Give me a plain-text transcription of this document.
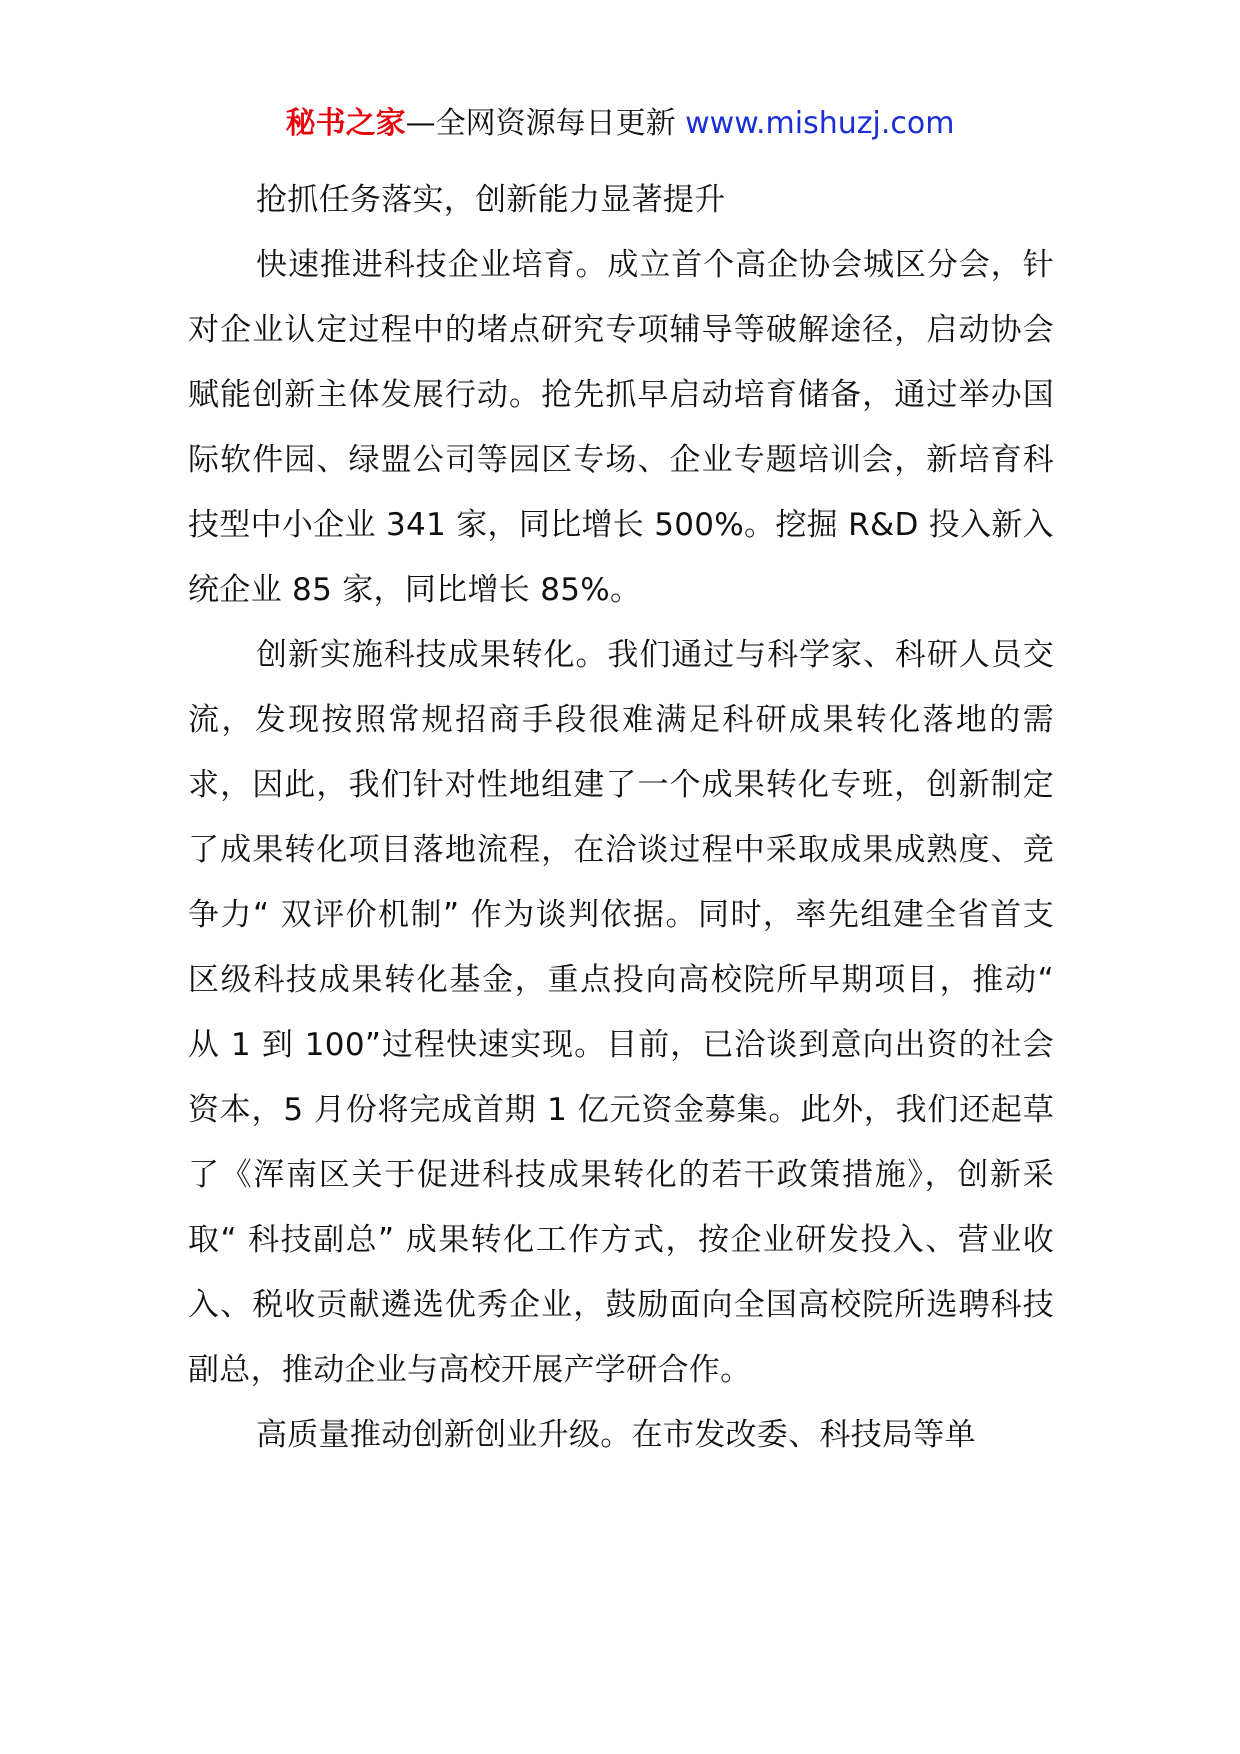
秘书之家—全网资源每日更新 www.mishuzj.com

抢抓任务落实，创新能力显著提升

快速推进科技企业培育。成立首个高企协会城区分会，针对企业认定过程中的堵点研究专项辅导等破解途径，启动协会赋能创新主体发展行动。抢先抓早启动培育储备，通过举办国际软件园、绿盟公司等园区专场、企业专题培训会，新培育科技型中小企业 341 家，同比增长 500%。挖掘 R&D 投入新入统企业 85 家，同比增长 85%。

创新实施科技成果转化。我们通过与科学家、科研人员交流，发现按照常规招商手段很难满足科研成果转化落地的需求，因此，我们针对性地组建了一个成果转化专班，创新制定了成果转化项目落地流程，在洽谈过程中采取成果成熟度、竞争力“ 双评价机制” 作为谈判依据。同时，率先组建全省首支区级科技成果转化基金，重点投向高校院所早期项目，推动“ 从 1 到 100”过程快速实现。目前，已洽谈到意向出资的社会资本，5 月份将完成首期 1 亿元资金募集。此外，我们还起草了《浑南区关于促进科技成果转化的若干政策措施》，创新采取“ 科技副总” 成果转化工作方式，按企业研发投入、营业收入、税收贡献遴选优秀企业，鼓励面向全国高校院所选聘科技副总，推动企业与高校开展产学研合作。

高质量推动创新创业升级。在市发改委、科技局等单
